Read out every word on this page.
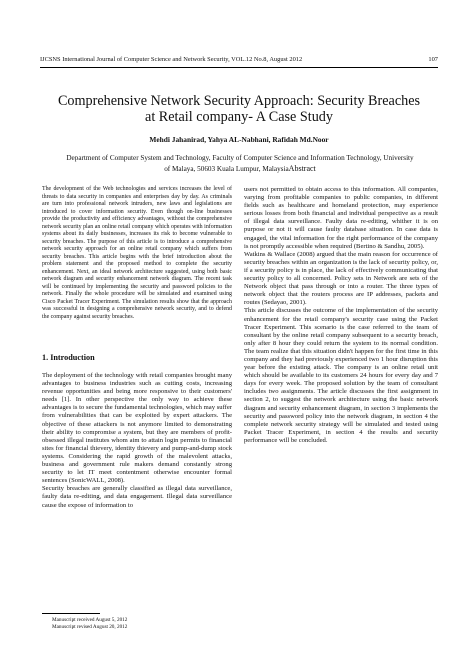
IJCSNS International Journal of Computer Science and Network Security, VOL.12 No.8, August 2012	107
Comprehensive Network Security Approach: Security Breaches
at Retail company- A Case Study
Mehdi Jahanirad, Yahya AL-Nabhani, Rafidah Md.Noor
Department of Computer System and Technology, Faculty of Computer Science and Information Technology, University
of Malaya, 50603 Kuala Lumpur, MalaysiaAbstract

The development of the Web technologies and services increases the level of threats to data security in companies and enterprises day by day. As criminals are turn into professional network intruders, new laws and legislations are introduced to cover information security. Even though on-line businesses provide the productivity and efficiency advantages, without the comprehensive network security plan an online retail company which operates with information systems about its daily businesses, increases its risk to become vulnerable to security breaches. The purpose of this article is to introduce a comprehensive network security approach for an online retail company which suffers from security breaches. This article begins with the brief introduction about the problem statement and the proposed method to complete the security enhancement. Next, an ideal network architecture suggested, using both basic network diagram and security enhancement network diagram. The recent task will be continued by implementing the security and password policies to the network. Finally the whole procedure will be simulated and examined using Cisco Packet Tracer Experiment. The simulation results show that the approach was successful in designing a comprehensive network security, and to defend the company against security breaches.

1. Introduction

The deployment of the technology with retail companies brought many advantages to business industries such as cutting costs, increasing revenue opportunities and being more responsive to their customers' needs [1]. In other perspective the only way to achieve these advantages is to secure the fundamental technologies, which may suffer from vulnerabilities that can be exploited by expert attackers. The objective of these attackers is not anymore limited to demonstrating their ability to compromise a system, but they are members of profit-obsessed illegal institutes whom aim to attain login permits to financial sites for financial thievery, identity thievery and pump-and-dump stock systems. Considering the rapid growth of the malevolent attacks, business and government rule makers demand constantly strong security to let IT meet contentment otherwise encounter formal sentences (SonicWALL, 2008).

Security breaches are generally classified as illegal data surveillance, faulty data re-editing, and data engagement. Illegal data surveillance cause the expose of information to

users not permitted to obtain access to this information. All companies, varying from profitable companies to public companies, in different fields such as healthcare and homeland protection, may experience serious losses from both financial and individual perspective as a result of illegal data surveillance. Faulty data re-editing, whither it is on purpose or not it will cause faulty database situation. In case data is engaged, the vital information for the right performance of the company is not promptly accessible when required (Bertino & Sandhu, 2005).

Watkins & Wallace (2008) argued that the main reason for occurrence of security breaches within an organization is the lack of security policy, or, if a security policy is in place, the lack of effectively communicating that security policy to all concerned. Policy sets in Network are sets of the Network object that pass through or into a router. The three types of network object that the routers process are IP addresses, packets and routes (Sedayao, 2001).

This article discusses the outcome of the implementation of the security enhancement for the retail company's security case using the Packet Tracer Experiment. This scenario is the case referred to the team of consultant by the online retail company subsequent to a security breach, only after 8 hour they could return the system to its normal condition. The team realize that this situation didn't happen for the first time in this company and they had previously experienced two 1 hour disruption this year before the existing attack. The company is an online retail unit which should be available to its customers 24 hours for every day and 7 days for every week. The proposed solution by the team of consultant includes two assignments. The article discusses the first assignment in section 2, to suggest the network architecture using the basic network diagram and security enhancement diagram, in section 3 implements the security and password policy into the network diagram, in section 4 the complete network security strategy will be simulated and tested using Packet Tracer Experiment, in section 4 the results and security performance will be concluded.

Manuscript received August 5, 2012
Manuscript revised August 20, 2012
